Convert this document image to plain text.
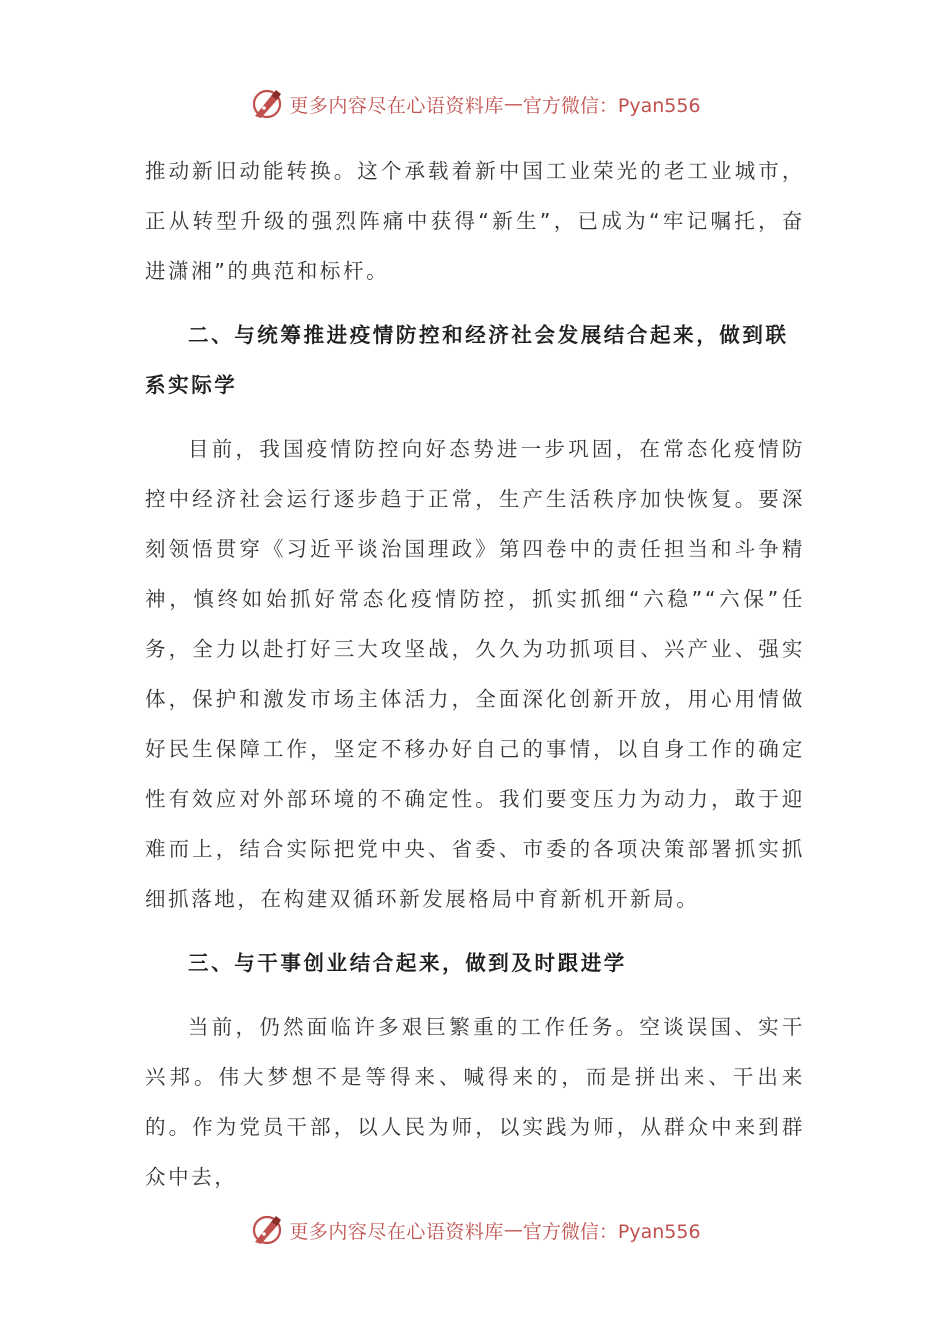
更多内容尽在心语资料库 — 官方微信：Pyan556

推动新旧动能转换。这个承载着新中国工业荣光的老工业城市，正从转型升级的强烈阵痛中获得“新生”，已成为“牢记嘱托，奋进潇湘”的典范和标杆。

二、与统筹推进疫情防控和经济社会发展结合起来，做到联系实际学

目前，我国疫情防控向好态势进一步巩固，在常态化疫情防控中经济社会运行逐步趋于正常，生产生活秩序加快恢复。要深刻领悟贯穿《习近平谈治国理政》第四卷中的责任担当和斗争精神，慎终如始抓好常态化疫情防控，抓实抓细“六稳”“六保”任务，全力以赴打好三大攻坚战，久久为功抓项目、兴产业、强实体，保护和激发市场主体活力，全面深化创新开放，用心用情做好民生保障工作，坚定不移办好自己的事情，以自身工作的确定性有效应对外部环境的不确定性。我们要变压力为动力，敢于迎难而上，结合实际把党中央、省委、市委的各项决策部署抓实抓细抓落地，在构建双循环新发展格局中育新机开新局。

三、与干事创业结合起来，做到及时跟进学

当前，仍然面临许多艰巨繁重的工作任务。空谈误国、实干兴邦。伟大梦想不是等得来、喊得来的，而是拼出来、干出来的。作为党员干部，以人民为师，以实践为师，从群众中来到群众中去，

更多内容尽在心语资料库 — 官方微信：Pyan556
